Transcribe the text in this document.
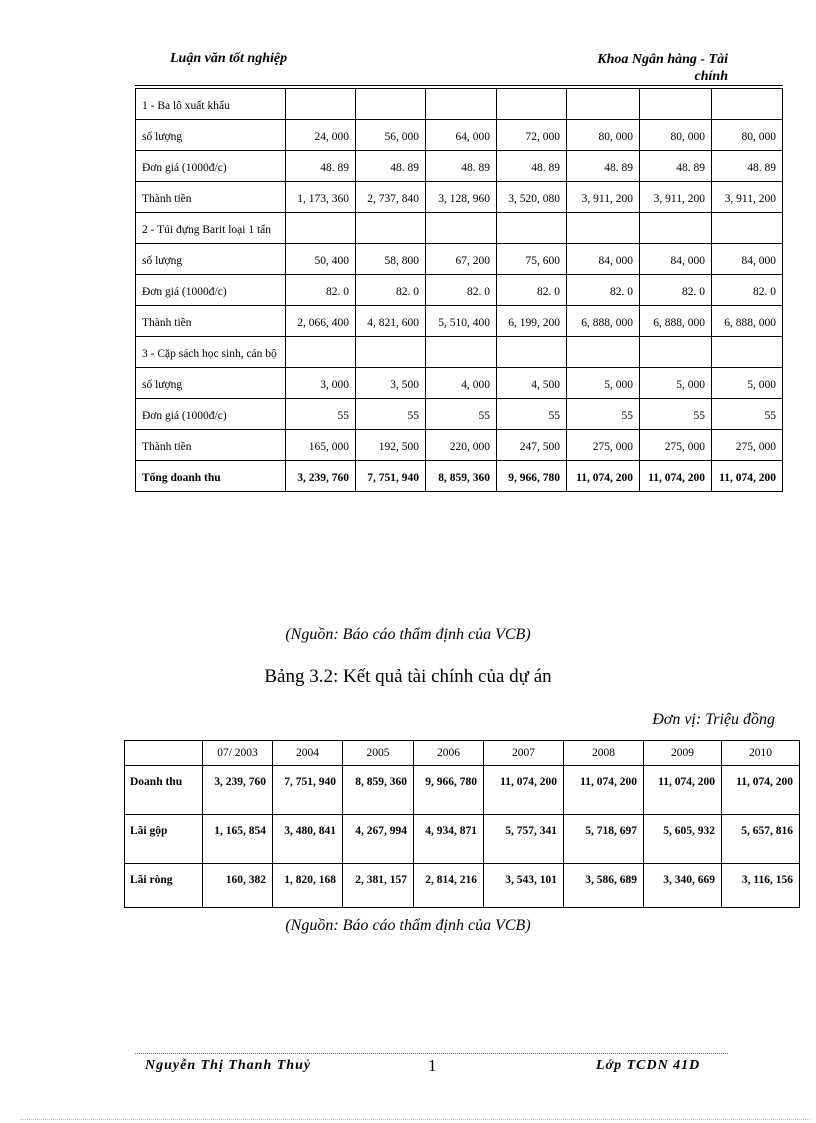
Luận văn tốt nghiệp	Khoa Ngân hàng - Tài
chính
1 - Ba lô xuất khẩu							
số lượng	24, 000	56, 000	64, 000	72, 000	80, 000	80, 000	80, 000
Đơn giá (1000đ/c)	48. 89	48. 89	48. 89	48. 89	48. 89	48. 89	48. 89
Thành tiền	1, 173, 360	2, 737, 840	3, 128, 960	3, 520, 080	3, 911, 200	3, 911, 200	3, 911, 200
2 - Túi đựng Barit loại 1 tấn							
số lượng	50, 400	58, 800	67, 200	75, 600	84, 000	84, 000	84, 000
Đơn giá (1000đ/c)	82. 0	82. 0	82. 0	82. 0	82. 0	82. 0	82. 0
Thành tiền	2, 066, 400	4, 821, 600	5, 510, 400	6, 199, 200	6, 888, 000	6, 888, 000	6, 888, 000
3 - Cặp sách học sinh, cán bộ							
số lượng	3, 000	3, 500	4, 000	4, 500	5, 000	5, 000	5, 000
Đơn giá (1000đ/c)	55	55	55	55	55	55	55
Thành tiền	165, 000	192, 500	220, 000	247, 500	275, 000	275, 000	275, 000
Tổng doanh thu	3, 239, 760	7, 751, 940	8, 859, 360	9, 966, 780	11, 074, 200	11, 074, 200	11, 074, 200
(Nguồn: Báo cáo thẩm định của VCB)
Bảng 3.2: Kết quả tài chính của dự án
Đơn vị: Triệu đồng
	07/ 2003	2004	2005	2006	2007	2008	2009	2010
Doanh thu	3, 239, 760	7, 751, 940	8, 859, 360	9, 966, 780	11, 074, 200	11, 074, 200	11, 074, 200	11, 074, 200
Lãi gộp	1, 165, 854	3, 480, 841	4, 267, 994	4, 934, 871	5, 757, 341	5, 718, 697	5, 605, 932	5, 657, 816
Lãi ròng	160, 382	1, 820, 168	2, 381, 157	2, 814, 216	3, 543, 101	3, 586, 689	3, 340, 669	3, 116, 156
(Nguồn: Báo cáo thẩm định của VCB)
Nguyễn Thị Thanh Thuỷ	1	Lớp TCDN 41D
